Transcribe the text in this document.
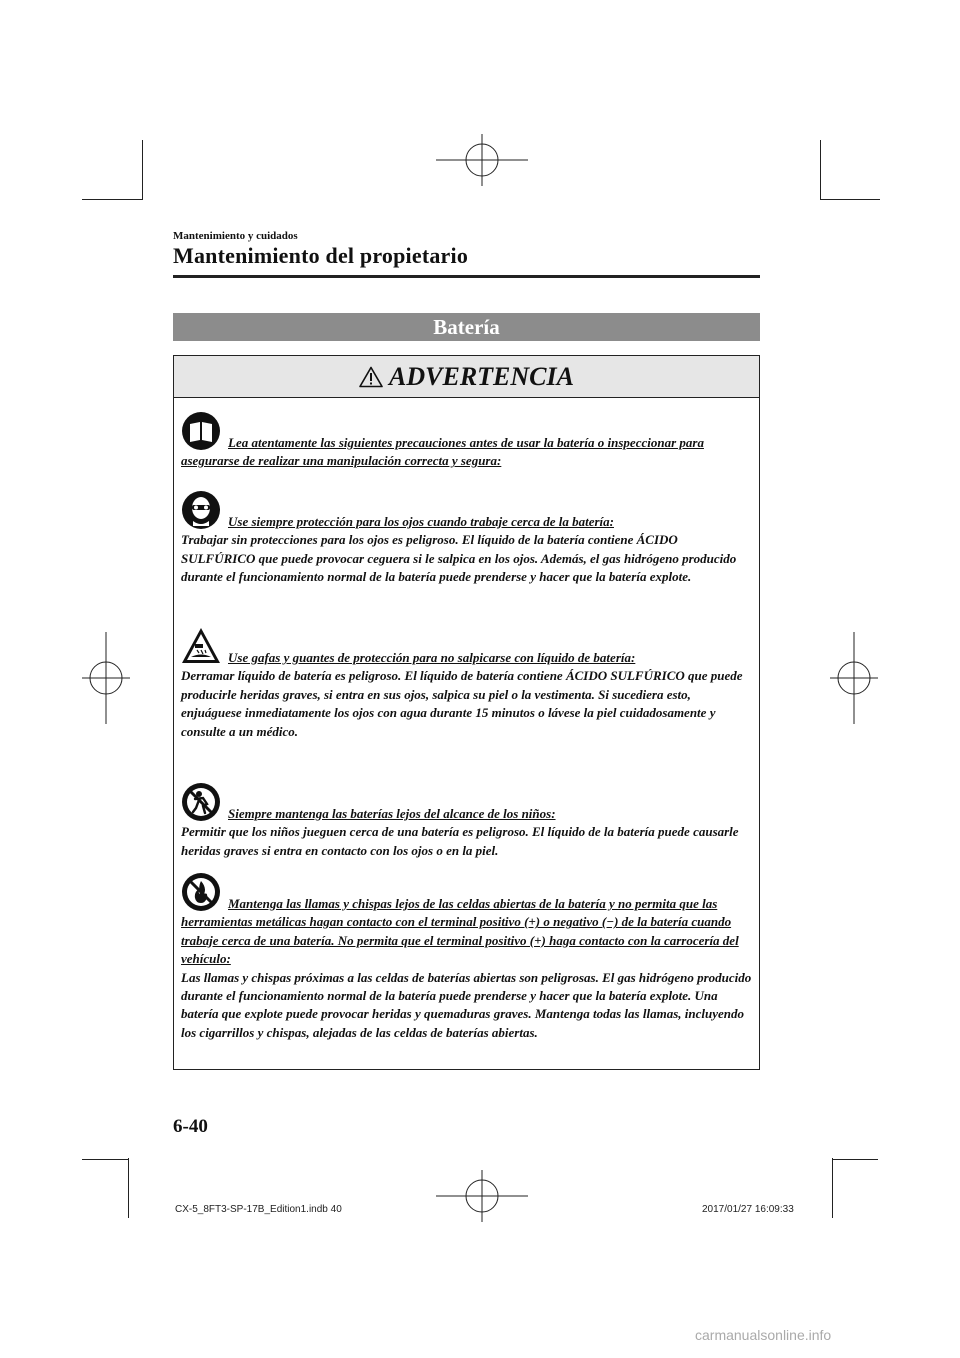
Mantenimiento y cuidados
Mantenimiento del propietario
Batería
ADVERTENCIA
Lea atentamente las siguientes precauciones antes de usar la batería o inspeccionar para asegurarse de realizar una manipulación correcta y segura:
Use siempre protección para los ojos cuando trabaje cerca de la batería:
Trabajar sin protecciones para los ojos es peligroso. El líquido de la batería contiene ÁCIDO SULFÚRICO que puede provocar ceguera si le salpica en los ojos. Además, el gas hidrógeno producido durante el funcionamiento normal de la batería puede prenderse y hacer que la batería explote.
Use gafas y guantes de protección para no salpicarse con líquido de batería:
Derramar líquido de batería es peligroso. El líquido de batería contiene ÁCIDO SULFÚRICO que puede producirle heridas graves, si entra en sus ojos, salpica su piel o la vestimenta. Si sucediera esto, enjuáguese inmediatamente los ojos con agua durante 15 minutos o lávese la piel cuidadosamente y consulte a un médico.
Siempre mantenga las baterías lejos del alcance de los niños:
Permitir que los niños jueguen cerca de una batería es peligroso. El líquido de la batería puede causarle heridas graves si entra en contacto con los ojos o en la piel.
Mantenga las llamas y chispas lejos de las celdas abiertas de la batería y no permita que las herramientas metálicas hagan contacto con el terminal positivo (+) o negativo (−) de la batería cuando trabaje cerca de una batería. No permita que el terminal positivo (+) haga contacto con la carrocería del vehículo:
Las llamas y chispas próximas a las celdas de baterías abiertas son peligrosas. El gas hidrógeno producido durante el funcionamiento normal de la batería puede prenderse y hacer que la batería explote. Una batería que explote puede provocar heridas y quemaduras graves. Mantenga todas las llamas, incluyendo los cigarrillos y chispas, alejadas de las celdas de baterías abiertas.
6-40
CX-5_8FT3-SP-17B_Edition1.indb 40	2017/01/27 16:09:33
carmanualsonline.info
